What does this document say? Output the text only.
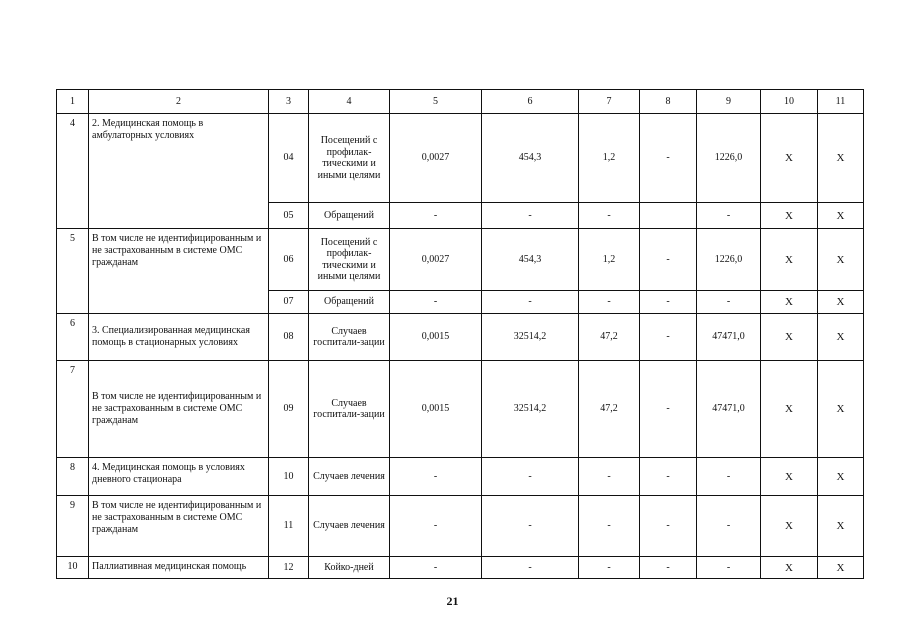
1	2	3	4	5	6	7	8	9	10	11
4	2. Медицинская помощь в амбулаторных условиях	04	Посещений с профилак-тическими и иными целями	0,0027	454,3	1,2	-	1226,0	X	X
		05	Обращений	-	-	-		-	X	X
5	В том числе не идентифицированным и не застрахованным в системе ОМС гражданам	06	Посещений с профилак-тическими и иными целями	0,0027	454,3	1,2	-	1226,0	X	X
		07	Обращений	-	-	-	-	-	X	X
6	3. Специализированная медицинская помощь в стационарных условиях	08	Случаев госпитали-зации	0,0015	32514,2	47,2	-	47471,0	X	X
7	В том числе не идентифицированным и не застрахованным в системе ОМС гражданам	09	Случаев госпитали-зации	0,0015	32514,2	47,2	-	47471,0	X	X
8	4. Медицинская помощь в условиях дневного стационара	10	Случаев лечения	-	-	-	-	-	X	X
9	В том числе не идентифицированным и не застрахованным в системе ОМС гражданам	11	Случаев лечения	-	-	-	-	-	X	X
10	Паллиативная медицинская помощь	12	Койко-дней	-	-	-	-	-	X	X
21
